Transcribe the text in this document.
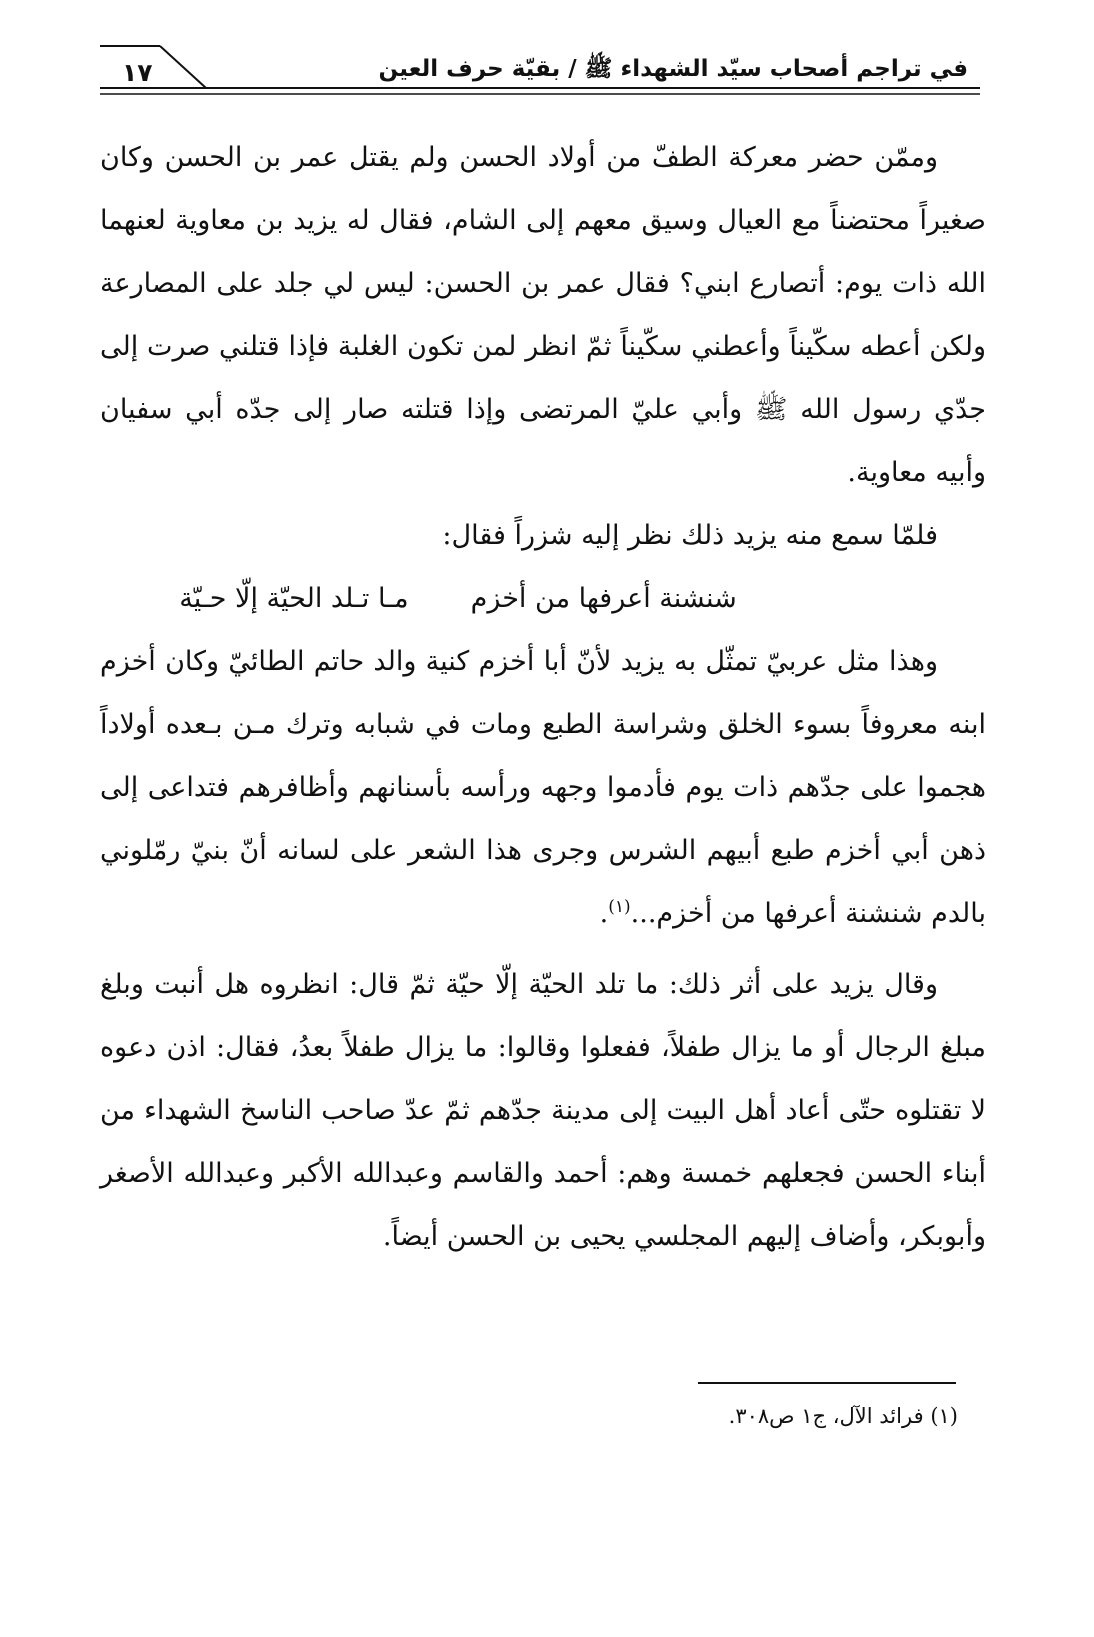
في تراجم أصحاب سيّد الشهداء ﷺ / بقيّة حرف العين
١٧

وممّن حضر معركة الطفّ من أولاد الحسن ولم يقتل عمر بن الحسن وكان صغيراً محتضناً مع العيال وسيق معهم إلى الشام، فقال له يزيد بن معاوية لعنهما الله ذات يوم: أتصارع ابني؟ فقال عمر بن الحسن: ليس لي جلد على المصارعة ولكن أعطه سكّيناً وأعطني سكّيناً ثمّ انظر لمن تكون الغلبة فإذا قتلني صرت إلى جدّي رسول الله ﷺ وأبي عليّ المرتضى وإذا قتلته صار إلى جدّه أبي سفيان وأبيه معاوية.

فلمّا سمع منه يزيد ذلك نظر إليه شزراً فقال:

شنشنة أعرفها من أخزم
مـا تـلد الحيّة إلّا حـيّة

وهذا مثل عربيّ تمثّل به يزيد لأنّ أبا أخزم كنية والد حاتم الطائيّ وكان أخزم ابنه معروفاً بسوء الخلق وشراسة الطبع ومات في شبابه وترك مـن بـعده أولاداً هجموا على جدّهم ذات يوم فأدموا وجهه ورأسه بأسنانهم وأظافرهم فتداعى إلى ذهن أبي أخزم طبع أبيهم الشرس وجرى هذا الشعر على لسانه أنّ بنيّ رمّلوني بالدم شنشنة أعرفها من أخزم...$^{(١)}$.

وقال يزيد على أثر ذلك: ما تلد الحيّة إلّا حيّة ثمّ قال: انظروه هل أنبت وبلغ مبلغ الرجال أو ما يزال طفلاً، ففعلوا وقالوا: ما يزال طفلاً بعدُ، فقال: اذن دعوه لا تقتلوه حتّى أعاد أهل البيت إلى مدينة جدّهم ثمّ عدّ صاحب الناسخ الشهداء من أبناء الحسن فجعلهم خمسة وهم: أحمد والقاسم وعبدالله الأكبر وعبدالله الأصغر وأبوبكر، وأضاف إليهم المجلسي يحيى بن الحسن أيضاً.

(١) فرائد الآل، ج١ ص٣٠٨.
